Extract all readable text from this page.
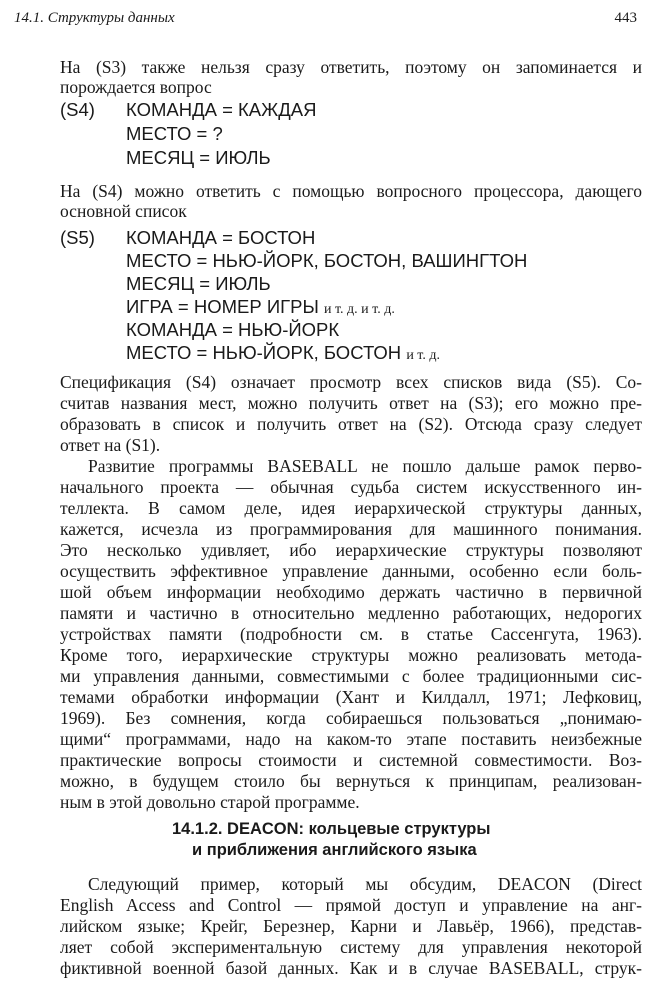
14.1. Структуры данных	443
На (S3) также нельзя сразу ответить, поэтому он запоминается и
порождается вопрос
(S4) КОМАНДА = КАЖДАЯ
МЕСТО = ?
МЕСЯЦ = ИЮЛЬ
На (S4) можно ответить с помощью вопросного процессора, дающего
основной список
(S5) КОМАНДА = БОСТОН
МЕСТО = НЬЮ-ЙОРК, БОСТОН, ВАШИНГТОН
МЕСЯЦ = ИЮЛЬ
ИГРА = НОМЕР ИГРЫ и т. д. и т. д.
КОМАНДА = НЬЮ-ЙОРК
МЕСТО = НЬЮ-ЙОРК, БОСТОН и т. д.
Спецификация (S4) означает просмотр всех списков вида (S5). Со-
считав названия мест, можно получить ответ на (S3); его можно пре-
образовать в список и получить ответ на (S2). Отсюда сразу следует
ответ на (S1).
Развитие программы BASEBALL не пошло дальше рамок перво-
начального проекта — обычная судьба систем искусственного ин-
теллекта. В самом деле, идея иерархической структуры данных,
кажется, исчезла из программирования для машинного понимания.
Это несколько удивляет, ибо иерархические структуры позволяют
осуществить эффективное управление данными, особенно если боль-
шой объем информации необходимо держать частично в первичной
памяти и частично в относительно медленно работающих, недорогих
устройствах памяти (подробности см. в статье Сассенгута, 1963).
Кроме того, иерархические структуры можно реализовать методa-
ми управления данными, совместимыми с более традиционными сис-
темами обработки информации (Хант и Килдалл, 1971; Лефковиц,
1969). Без сомнения, когда собираешься пользоваться „понимаю-
щими“ программами, надо на каком-то этапе поставить неизбежные
практические вопросы стоимости и системной совместимости. Воз-
можно, в будущем стоило бы вернуться к принципам, реализован-
ным в этой довольно старой программе.
14.1.2. DEACON: кольцевые структуры
и приближения английского языка
Следующий пример, который мы обсудим, DEACON (Direct
English Access and Control — прямой доступ и управление на анг-
лийском языке; Крейг, Березнер, Карни и Лавьёр, 1966), представ-
ляет собой экспериментальную систему для управления некоторой
фиктивной военной базой данных. Как и в случае BASEBALL, струк-
